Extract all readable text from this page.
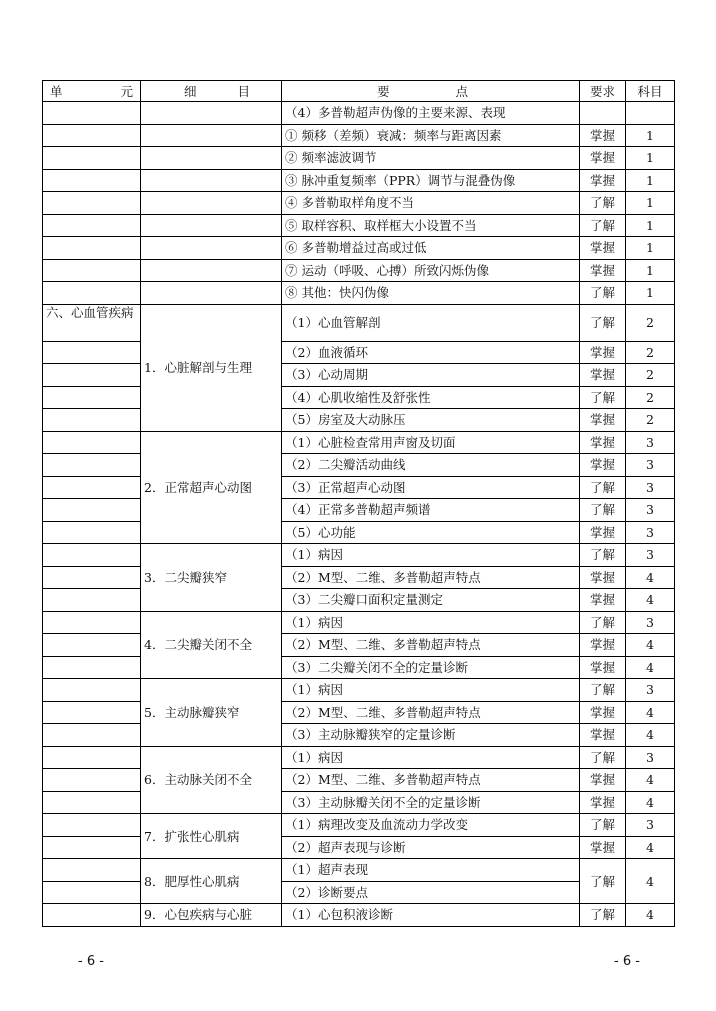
单 元	细 目	要 点	要求	科目
		（4）多普勒超声伪像的主要来源、表现		
		① 频移（差频）衰减：频率与距离因素	掌握	1
		② 频率滤波调节	掌握	1
		③ 脉冲重复频率（PPR）调节与混叠伪像	掌握	1
		④ 多普勒取样角度不当	了解	1
		⑤ 取样容积、取样框大小设置不当	了解	1
		⑥ 多普勒增益过高或过低	掌握	1
		⑦ 运动（呼吸、心搏）所致闪烁伪像	掌握	1
		⑧ 其他：快闪伪像	了解	1

六、心血管疾病	1．心脏解剖与生理	（1）心血管解剖	了解	2
		（2）血液循环	掌握	2
		（3）心动周期	掌握	2
		（4）心肌收缩性及舒张性	了解	2
		（5）房室及大动脉压	掌握	2
	2．正常超声心动图	（1）心脏检查常用声窗及切面	掌握	3
		（2）二尖瓣活动曲线	掌握	3
		（3）正常超声心动图	了解	3
		（4）正常多普勒超声频谱	了解	3
		（5）心功能	掌握	3
	3．二尖瓣狭窄	（1）病因	了解	3
		（2）M型、二维、多普勒超声特点	掌握	4
		（3）二尖瓣口面积定量测定	掌握	4
	4．二尖瓣关闭不全	（1）病因	了解	3
		（2）M型、二维、多普勒超声特点	掌握	4
		（3）二尖瓣关闭不全的定量诊断	掌握	4
	5．主动脉瓣狭窄	（1）病因	了解	3
		（2）M型、二维、多普勒超声特点	掌握	4
		（3）主动脉瓣狭窄的定量诊断	掌握	4
	6．主动脉关闭不全	（1）病因	了解	3
		（2）M型、二维、多普勒超声特点	掌握	4
		（3）主动脉瓣关闭不全的定量诊断	掌握	4
	7．扩张性心肌病	（1）病理改变及血流动力学改变	了解	3
		（2）超声表现与诊断	掌握	4
	8．肥厚性心肌病	（1）超声表现	了解	4
		（2）诊断要点		
	9．心包疾病与心脏	（1）心包积液诊断	了解	4
- 6 -	- 6 -
